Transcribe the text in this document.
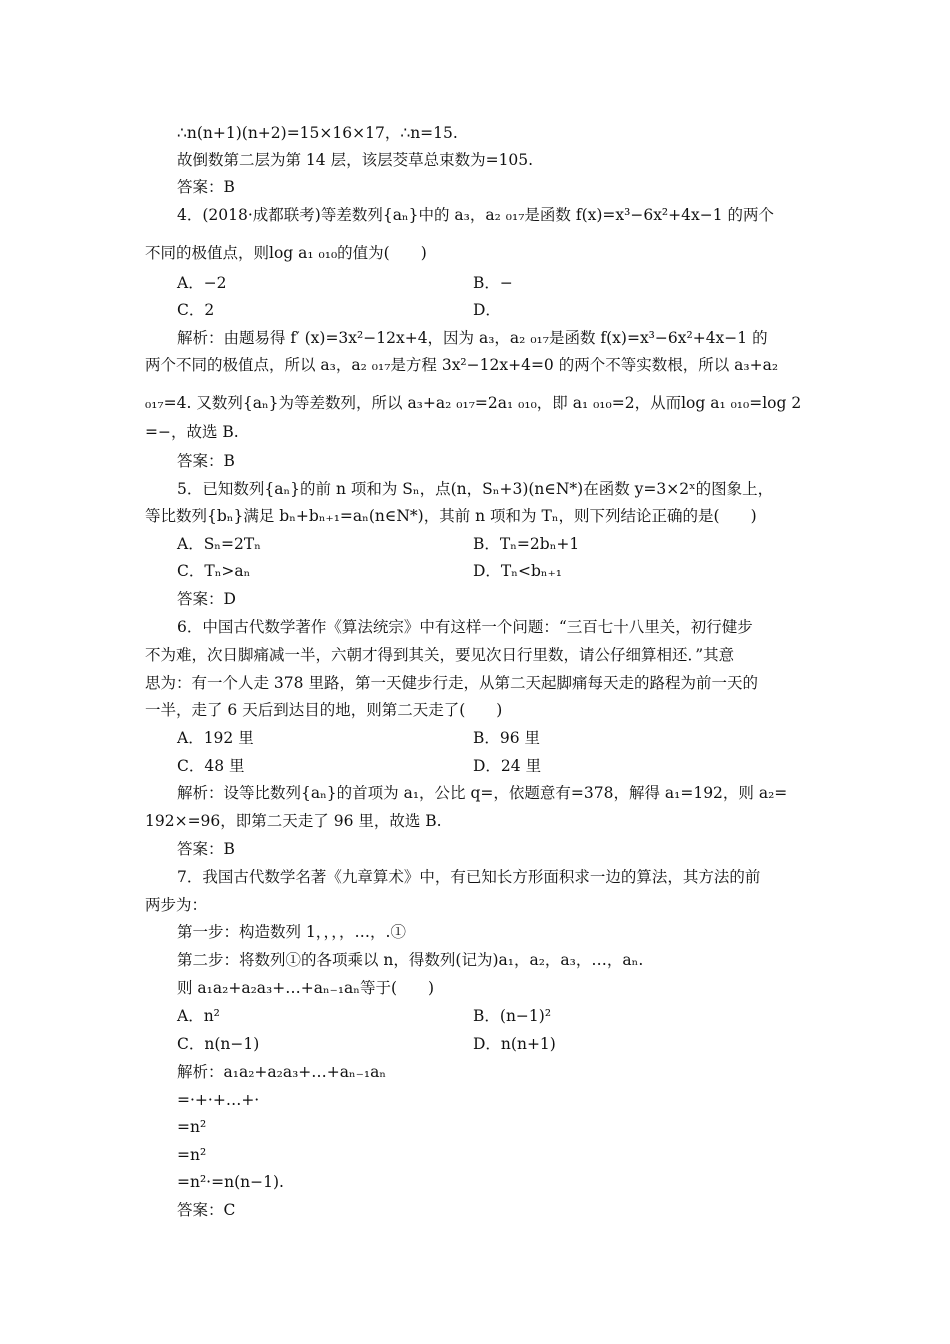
∴n(n+1)(n+2)=15×16×17，∴n=15.
故倒数第二层为第 14 层，该层茭草总束数为=105.
答案：B
4．(2018·成都联考)等差数列{aₙ}中的 a₃，a₂ ₀₁₇是函数 f(x)=x³−6x²+4x−1 的两个
不同的极值点，则log a₁ ₀₁₀的值为(　　)
A．−2	B．−
C．2	D．
解析：由题易得 f′ (x)=3x²−12x+4，因为 a₃，a₂ ₀₁₇是函数 f(x)=x³−6x²+4x−1 的
两个不同的极值点，所以 a₃，a₂ ₀₁₇是方程 3x²−12x+4=0 的两个不等实数根，所以 a₃+a₂
₀₁₇=4. 又数列{aₙ}为等差数列，所以 a₃+a₂ ₀₁₇=2a₁ ₀₁₀，即 a₁ ₀₁₀=2，从而log a₁ ₀₁₀=log 2
=−，故选 B.
答案：B
5．已知数列{aₙ}的前 n 项和为 Sₙ，点(n，Sₙ+3)(n∈N*)在函数 y=3×2ˣ的图象上，
等比数列{bₙ}满足 bₙ+bₙ₊₁=aₙ(n∈N*)，其前 n 项和为 Tₙ，则下列结论正确的是(　　)
A．Sₙ=2Tₙ	B．Tₙ=2bₙ+1
C．Tₙ>aₙ	D．Tₙ<bₙ₊₁
答案：D
6．中国古代数学著作《算法统宗》中有这样一个问题：“三百七十八里关，初行健步
不为难，次日脚痛减一半，六朝才得到其关，要见次日行里数，请公仔细算相还．”其意
思为：有一个人走 378 里路，第一天健步行走，从第二天起脚痛每天走的路程为前一天的
一半，走了 6 天后到达目的地，则第二天走了(　　)
A．192 里	B．96 里
C．48 里	D．24 里
解析：设等比数列{aₙ}的首项为 a₁，公比 q=，依题意有=378，解得 a₁=192，则 a₂=
192×=96，即第二天走了 96 里，故选 B.
答案：B
7．我国古代数学名著《九章算术》中，有已知长方形面积求一边的算法，其方法的前
两步为：
第一步：构造数列 1，，，，…，.①
第二步：将数列①的各项乘以 n，得数列(记为)a₁，a₂，a₃，…，aₙ.
则 a₁a₂+a₂a₃+…+aₙ₋₁aₙ等于(　　)
A．n²	B．(n−1)²
C．n(n−1)	D．n(n+1)
解析：a₁a₂+a₂a₃+…+aₙ₋₁aₙ
=·+·+…+·
=n²
=n²
=n²·=n(n−1).
答案：C
